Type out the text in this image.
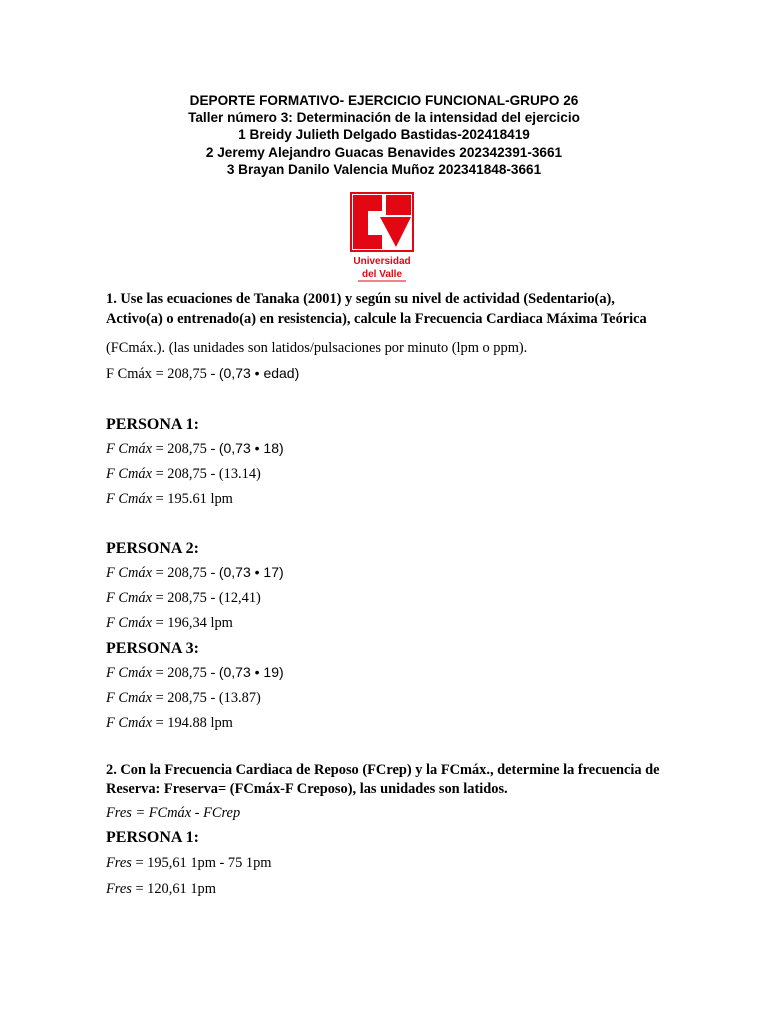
DEPORTE FORMATIVO- EJERCICIO FUNCIONAL-GRUPO 26
Taller número 3: Determinación de la intensidad del ejercicio
1 Breidy Julieth Delgado Bastidas-202418419
2 Jeremy Alejandro Guacas Benavides 202342391-3661
3 Brayan Danilo Valencia Muñoz 202341848-3661
Universidad
del Valle

1. Use las ecuaciones de Tanaka (2001) y según su nivel de actividad (Sedentario(a), Activo(a) o entrenado(a) en resistencia), calcule la Frecuencia Cardiaca Máxima Teórica

(FCmáx.). (las unidades son latidos/pulsaciones por minuto (lpm o ppm).

F Cmáx = 208,75 - (0,73 • edad)

PERSONA 1:

F Cmáx = 208,75 - (0,73 • 18)

F Cmáx = 208,75 - (13.14)

F Cmáx = 195.61 lpm

PERSONA 2:

F Cmáx = 208,75 - (0,73 • 17)

F Cmáx = 208,75 - (12,41)

F Cmáx = 196,34 lpm

PERSONA 3:

F Cmáx = 208,75 - (0,73 • 19)

F Cmáx = 208,75 - (13.87)

F Cmáx = 194.88 lpm

2. Con la Frecuencia Cardiaca de Reposo (FCrep) y la FCmáx., determine la frecuencia de Reserva: Freserva= (FCmáx-F Creposo), las unidades son latidos.

Fres = FCmáx - FCrep

PERSONA 1:

Fres = 195,61 1pm - 75 1pm

Fres = 120,61 1pm
